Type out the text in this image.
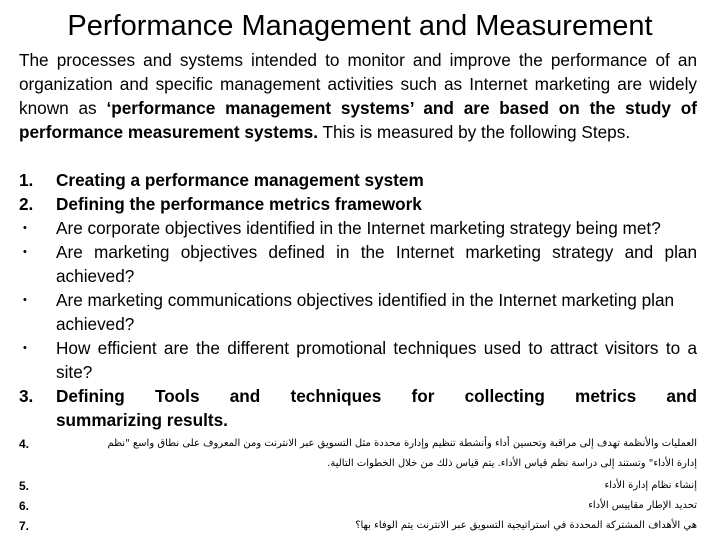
Performance Management and Measurement
The processes and systems intended to monitor and improve the performance of an organization and specific management activities such as Internet marketing are widely known as ‘performance management systems’ and are based on the study of performance measurement systems. This is measured by the following Steps.
1.	Creating a performance management system
2.	Defining the performance metrics framework
•	Are corporate objectives identified in the Internet marketing strategy being met?
•	Are marketing objectives defined in the Internet marketing strategy and plan
achieved?
•	Are marketing communications objectives identified in the Internet marketing plan
achieved?
•	How efficient are the different promotional techniques used to attract visitors to a
site?
3.	Defining Tools and techniques for collecting metrics and
summarizing results.
4.	العمليات والأنظمة تهدف إلى مراقبة وتحسين أداء وأنشطة تنظيم وإدارة محددة مثل التسويق عبر الانترنت ومن المعروف على نطاق واسع "نظم
إدارة الأداء" وتستند إلى دراسة نظم قياس الأداء. يتم قياس ذلك من خلال الخطوات التالية.
5.	إنشاء نظام إدارة الأداء
6.	تحديد الإطار مقاييس الأداء
7.	هي الأهداف المشتركة المحددة في استراتيجية التسويق عبر الانترنت يتم الوفاء بها؟
